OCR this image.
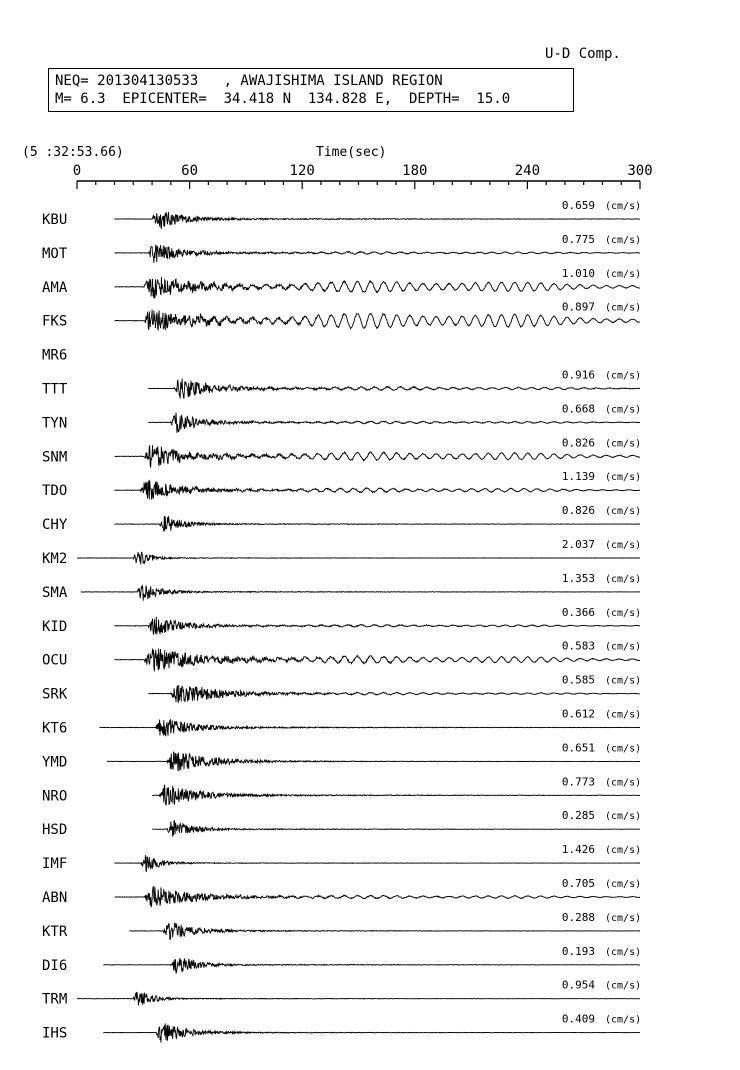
U-D Comp.
NEQ= 201304130533   , AWAJISHIMA ISLAND REGION
M= 6.3  EPICENTER=  34.418 N  134.828 E,  DEPTH=  15.0
(5 :32:53.66)	Time(sec)
0	60	120	180	240	300
KBU
0.659 (cm/s)
MOT
0.775 (cm/s)
AMA
1.010 (cm/s)
FKS
0.897 (cm/s)
MR6
TTT
0.916 (cm/s)
TYN
0.668 (cm/s)
SNM
0.826 (cm/s)
TDO
1.139 (cm/s)
CHY
0.826 (cm/s)
KM2
2.037 (cm/s)
SMA
1.353 (cm/s)
KID
0.366 (cm/s)
OCU
0.583 (cm/s)
SRK
0.585 (cm/s)
KT6
0.612 (cm/s)
YMD
0.651 (cm/s)
NRO
0.773 (cm/s)
HSD
0.285 (cm/s)
IMF
1.426 (cm/s)
ABN
0.705 (cm/s)
KTR
0.288 (cm/s)
DI6
0.193 (cm/s)
TRM
0.954 (cm/s)
IHS
0.409 (cm/s)
